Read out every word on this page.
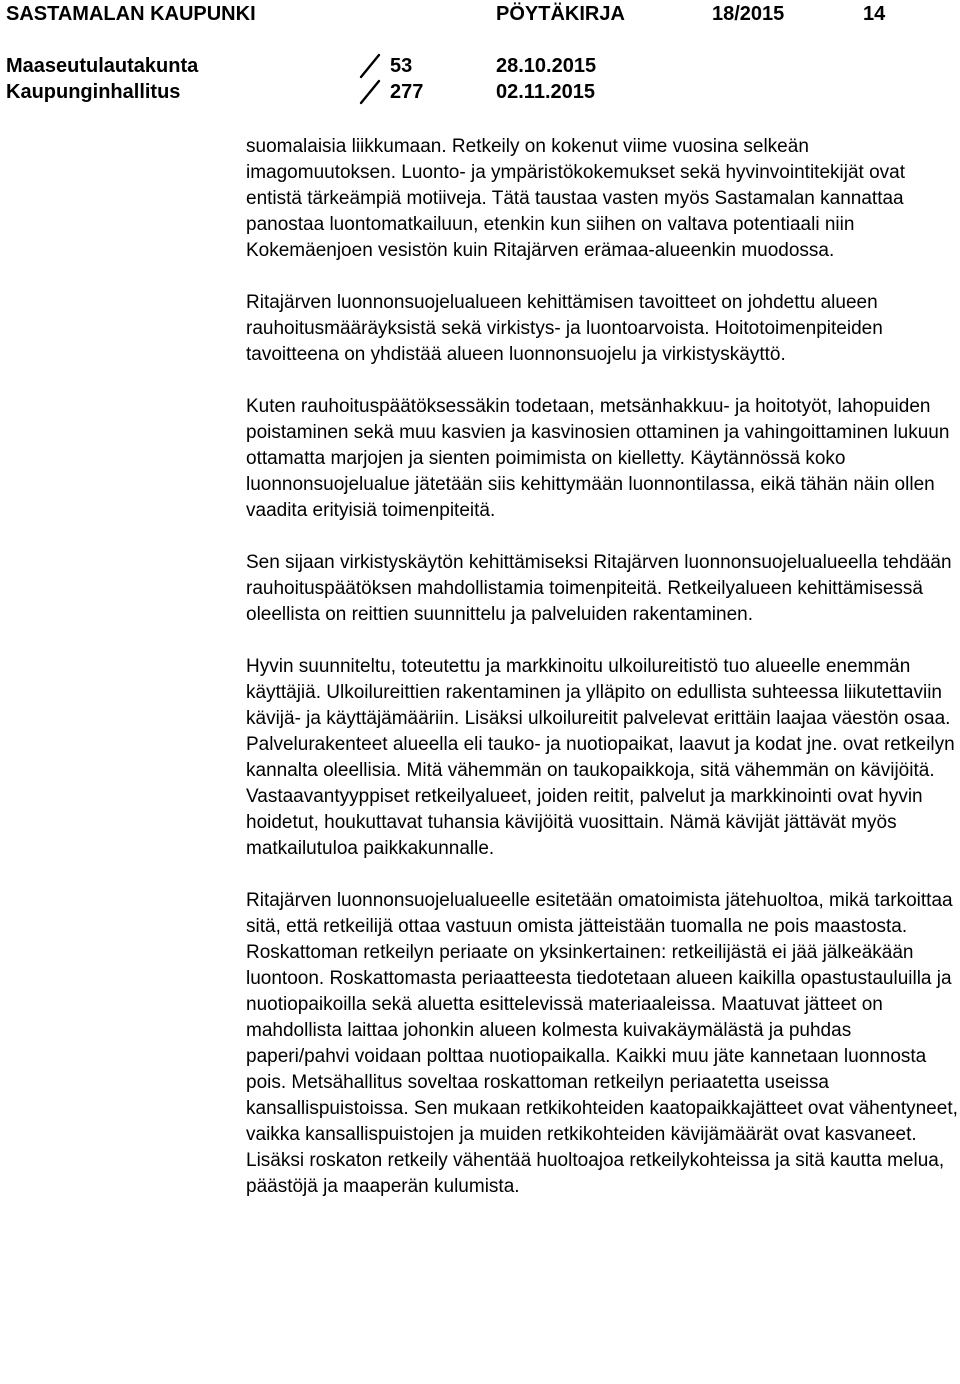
SASTAMALAN KAUPUNKI	PÖYTÄKIRJA	18/2015	14
Maaseutulautakunta	53	28.10.2015
Kaupunginhallitus	277	02.11.2015

suomalaisia liikkumaan. Retkeily on kokenut viime vuosina selkeän imagomuutoksen. Luonto- ja ympäristökokemukset sekä hyvinvointitekijät ovat entistä tärkeämpiä motiiveja. Tätä taustaa vasten myös Sastamalan kannattaa panostaa luontomatkailuun, etenkin kun siihen on valtava potentiaali niin Kokemäenjoen vesistön kuin Ritajärven erämaa-alueenkin muodossa.

Ritajärven luonnonsuojelualueen kehittämisen tavoitteet on johdettu alueen rauhoitusmääräyksistä sekä virkistys- ja luontoarvoista. Hoitotoimenpiteiden tavoitteena on yhdistää alueen luonnonsuojelu ja virkistyskäyttö.

Kuten rauhoituspäätöksessäkin todetaan, metsänhakkuu- ja hoitotyöt, lahopuiden poistaminen sekä muu kasvien ja kasvinosien ottaminen ja vahingoittaminen lukuun ottamatta marjojen ja sienten poimimista on kielletty. Käytännössä koko luonnonsuojelualue jätetään siis kehittymään luonnontilassa, eikä tähän näin ollen vaadita erityisiä toimenpiteitä.

Sen sijaan virkistyskäytön kehittämiseksi Ritajärven luonnonsuojelualueella tehdään rauhoituspäätöksen mahdollistamia toimenpiteitä. Retkeilyalueen kehittämisessä oleellista on reittien suunnittelu ja palveluiden rakentaminen.

Hyvin suunniteltu, toteutettu ja markkinoitu ulkoilureitistö tuo alueelle enemmän käyttäjiä. Ulkoilureittien rakentaminen ja ylläpito on edullista suhteessa liikutettaviin kävijä- ja käyttäjämääriin. Lisäksi ulkoilureitit palvelevat erittäin laajaa väestön osaa. Palvelurakenteet alueella eli tauko- ja nuotiopaikat, laavut ja kodat jne. ovat retkeilyn kannalta oleellisia. Mitä vähemmän on taukopaikkoja, sitä vähemmän on kävijöitä. Vastaavantyyppiset retkeilyalueet, joiden reitit, palvelut ja markkinointi ovat hyvin hoidetut, houkuttavat tuhansia kävijöitä vuosittain. Nämä kävijät jättävät myös matkailutuloa paikkakunnalle.

Ritajärven luonnonsuojelualueelle esitetään omatoimista jätehuoltoa, mikä tarkoittaa sitä, että retkeilijä ottaa vastuun omista jätteistään tuomalla ne pois maastosta. Roskattoman retkeilyn periaate on yksinkertainen: retkeilijästä ei jää jälkeäkään luontoon. Roskattomasta periaatteesta tiedotetaan alueen kaikilla opastustauluilla ja nuotiopaikoilla sekä aluetta esittelevissä materiaaleissa. Maatuvat jätteet on mahdollista laittaa johonkin alueen kolmesta kuivakäymälästä ja puhdas paperi/pahvi voidaan polttaa nuotiopaikalla. Kaikki muu jäte kannetaan luonnosta pois. Metsähallitus soveltaa roskattoman retkeilyn periaatetta useissa kansallispuistoissa. Sen mukaan retkikohteiden kaatopaikkajätteet ovat vähentyneet, vaikka kansallispuistojen ja muiden retkikohteiden kävijämäärät ovat kasvaneet. Lisäksi roskaton retkeily vähentää huoltoajoa retkeilykohteissa ja sitä kautta melua, päästöjä ja maaperän kulumista.
